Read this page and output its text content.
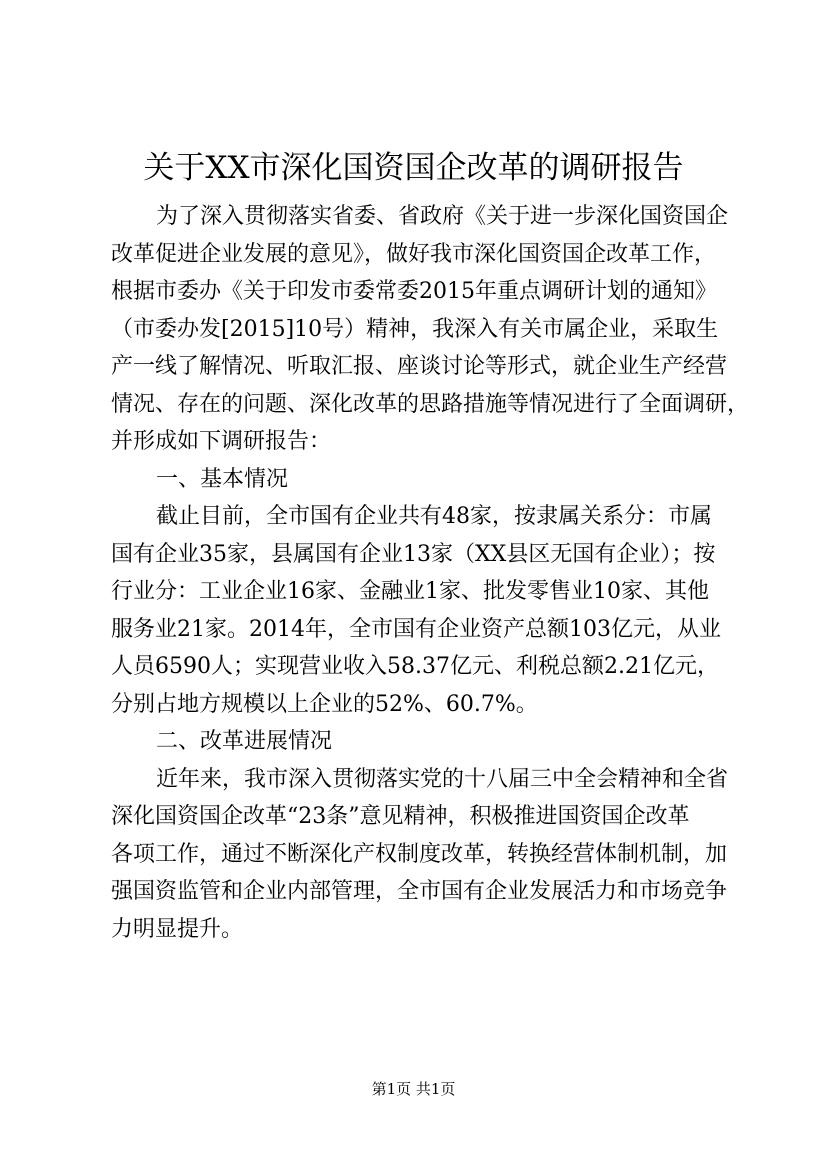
关于XX市深化国资国企改革的调研报告
为了深入贯彻落实省委、省政府《关于进一步深化国资国企
改革促进企业发展的意见》，做好我市深化国资国企改革工作，
根据市委办《关于印发市委常委2015年重点调研计划的通知》
（市委办发[2015]10号）精神，我深入有关市属企业，采取生
产一线了解情况、听取汇报、座谈讨论等形式，就企业生产经营
情况、存在的问题、深化改革的思路措施等情况进行了全面调研，
并形成如下调研报告：
一、基本情况
截止目前，全市国有企业共有48家，按隶属关系分：市属
国有企业35家，县属国有企业13家（XX县区无国有企业）；按
行业分：工业企业16家、金融业1家、批发零售业10家、其他
服务业21家。2014年，全市国有企业资产总额103亿元，从业
人员6590人；实现营业收入58.37亿元、利税总额2.21亿元，
分别占地方规模以上企业的52%、60.7%。
二、改革进展情况
近年来，我市深入贯彻落实党的十八届三中全会精神和全省
深化国资国企改革“23条”意见精神，积极推进国资国企改革
各项工作，通过不断深化产权制度改革，转换经营体制机制，加
强国资监管和企业内部管理，全市国有企业发展活力和市场竞争
力明显提升。
第1页 共1页
